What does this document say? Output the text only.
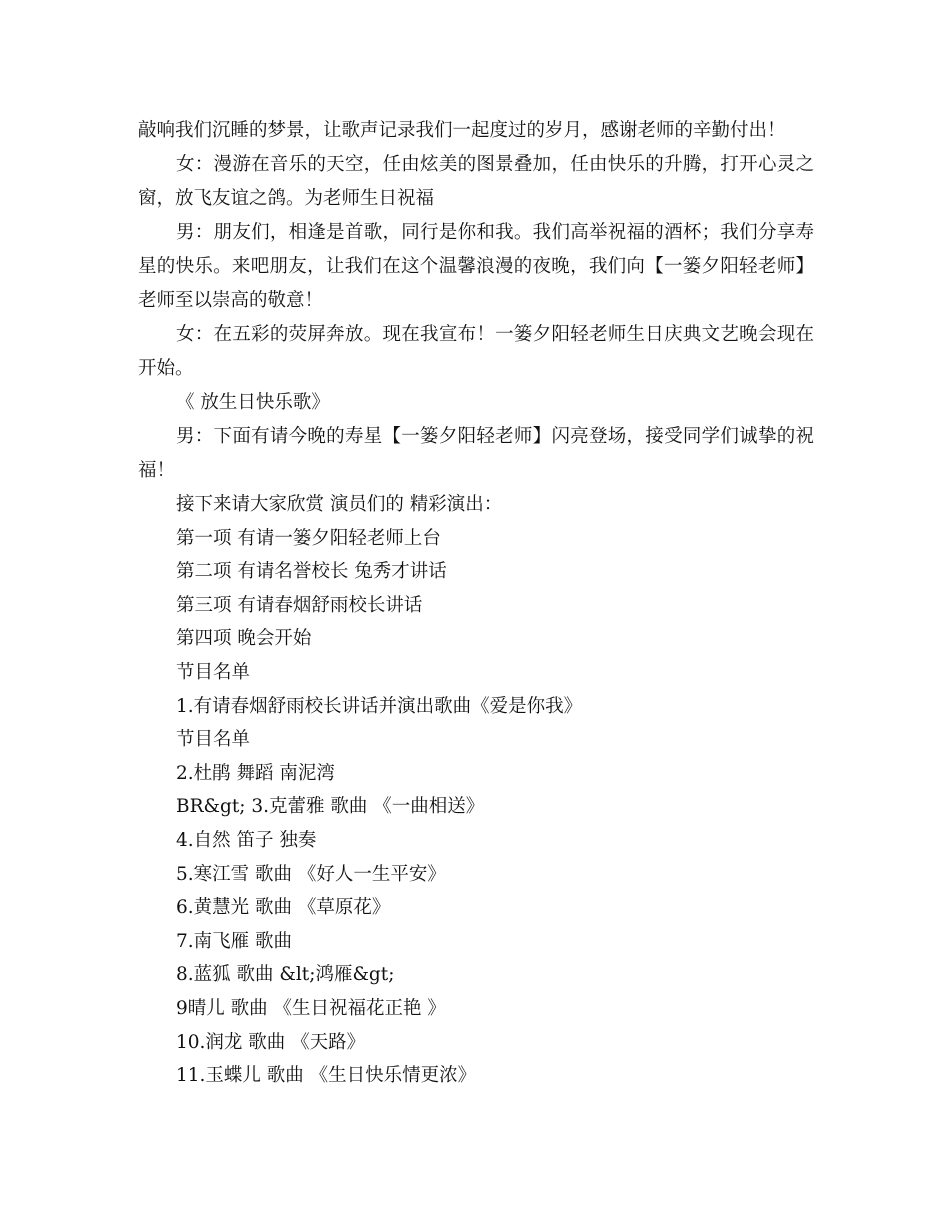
敲响我们沉睡的梦景，让歌声记录我们一起度过的岁月，感谢老师的辛勤付出！

女：漫游在音乐的天空，任由炫美的图景叠加，任由快乐的升腾，打开心灵之窗，放飞友谊之鸽。为老师生日祝福

男：朋友们，相逢是首歌，同行是你和我。我们高举祝福的酒杯；我们分享寿星的快乐。来吧朋友，让我们在这个温馨浪漫的夜晚，我们向【一篓夕阳轻老师】老师至以崇高的敬意！

女：在五彩的荧屏奔放。现在我宣布！一篓夕阳轻老师生日庆典文艺晚会现在开始。

《 放生日快乐歌》

男：下面有请今晚的寿星【一篓夕阳轻老师】闪亮登场，接受同学们诚挚的祝福！

接下来请大家欣赏 演员们的 精彩演出：

第一项 有请一篓夕阳轻老师上台

第二项 有请名誉校长 兔秀才讲话

第三项 有请春烟舒雨校长讲话

第四项 晚会开始

节目名单

1.有请春烟舒雨校长讲话并演出歌曲《爱是你我》

节目名单

2.杜鹃 舞蹈 南泥湾

BR&gt; 3.克蕾雅 歌曲 《一曲相送》

4.自然 笛子 独奏

5.寒江雪 歌曲 《好人一生平安》

6.黄慧光 歌曲 《草原花》

7.南飞雁 歌曲

8.蓝狐 歌曲 &lt;鸿雁&gt;

9晴儿 歌曲 《生日祝福花正艳 》

10.润龙 歌曲 《天路》

11.玉蝶儿 歌曲 《生日快乐情更浓》
